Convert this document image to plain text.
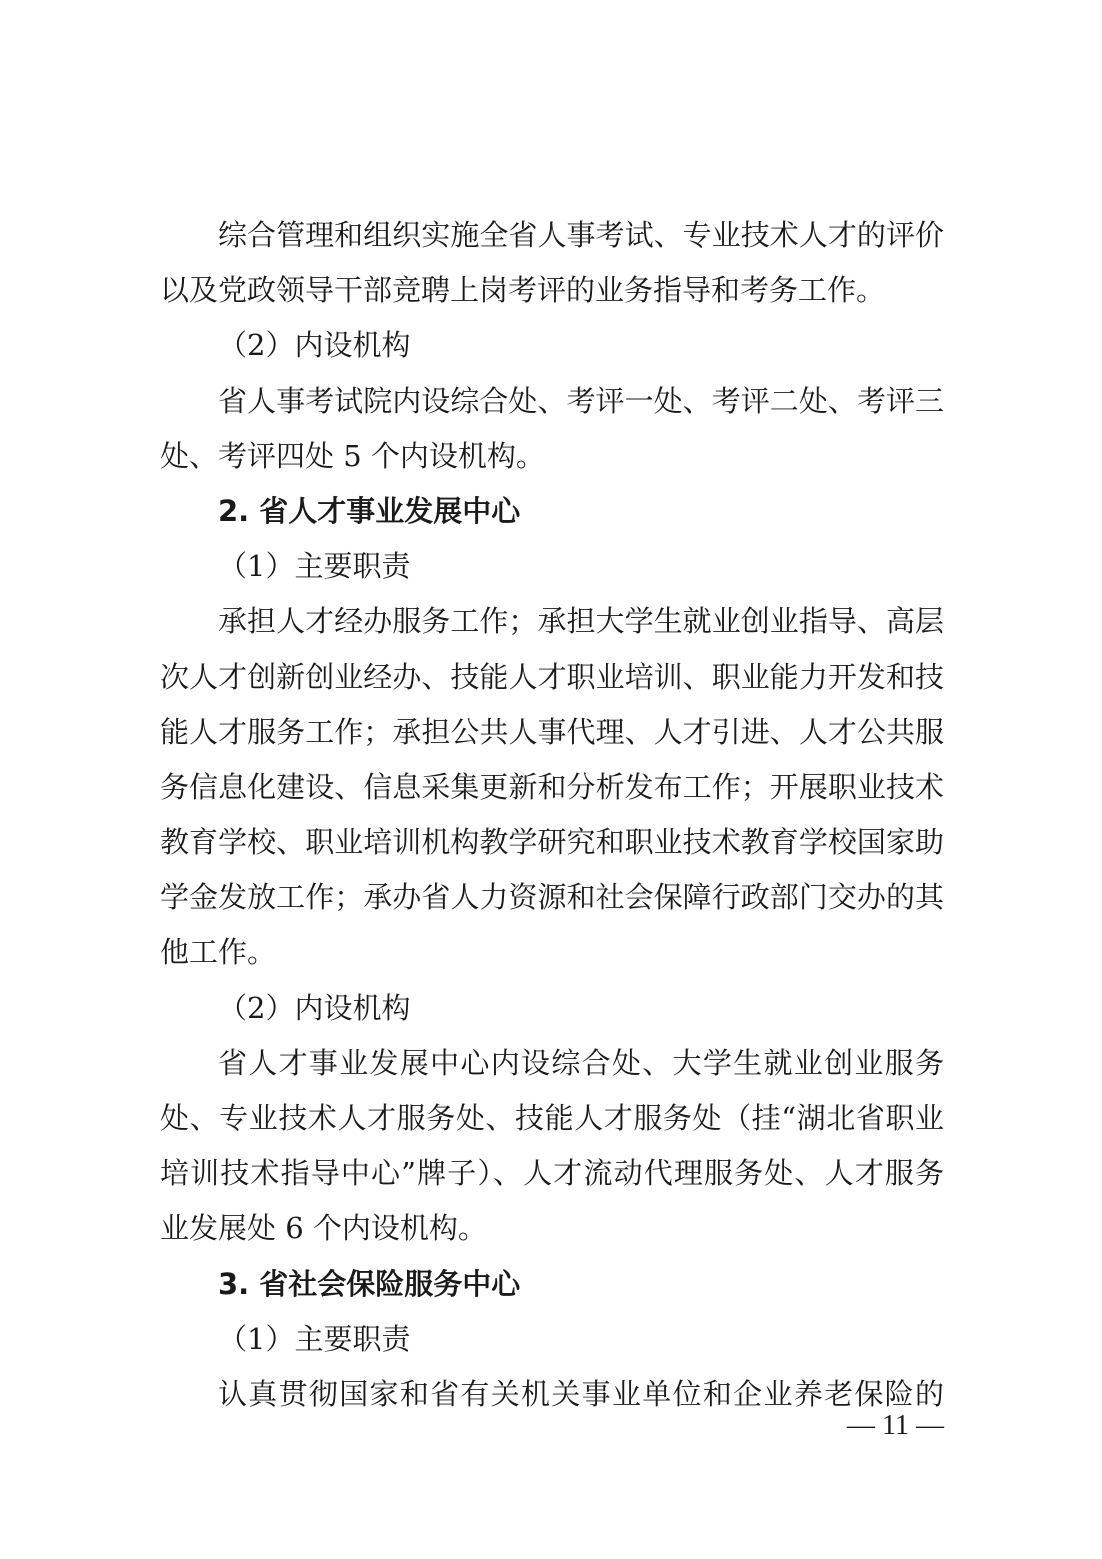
综合管理和组织实施全省人事考试、专业技术人才的评价
以及党政领导干部竞聘上岗考评的业务指导和考务工作。
（2）内设机构
省人事考试院内设综合处、考评一处、考评二处、考评三
处、考评四处 5 个内设机构。
2. 省人才事业发展中心
（1）主要职责
承担人才经办服务工作；承担大学生就业创业指导、高层
次人才创新创业经办、技能人才职业培训、职业能力开发和技
能人才服务工作；承担公共人事代理、人才引进、人才公共服
务信息化建设、信息采集更新和分析发布工作；开展职业技术
教育学校、职业培训机构教学研究和职业技术教育学校国家助
学金发放工作；承办省人力资源和社会保障行政部门交办的其
他工作。
（2）内设机构
省人才事业发展中心内设综合处、大学生就业创业服务
处、专业技术人才服务处、技能人才服务处（挂“湖北省职业
培训技术指导中心”牌子）、人才流动代理服务处、人才服务
业发展处 6 个内设机构。
3. 省社会保险服务中心
（1）主要职责
认真贯彻国家和省有关机关事业单位和企业养老保险的
— 11 —
